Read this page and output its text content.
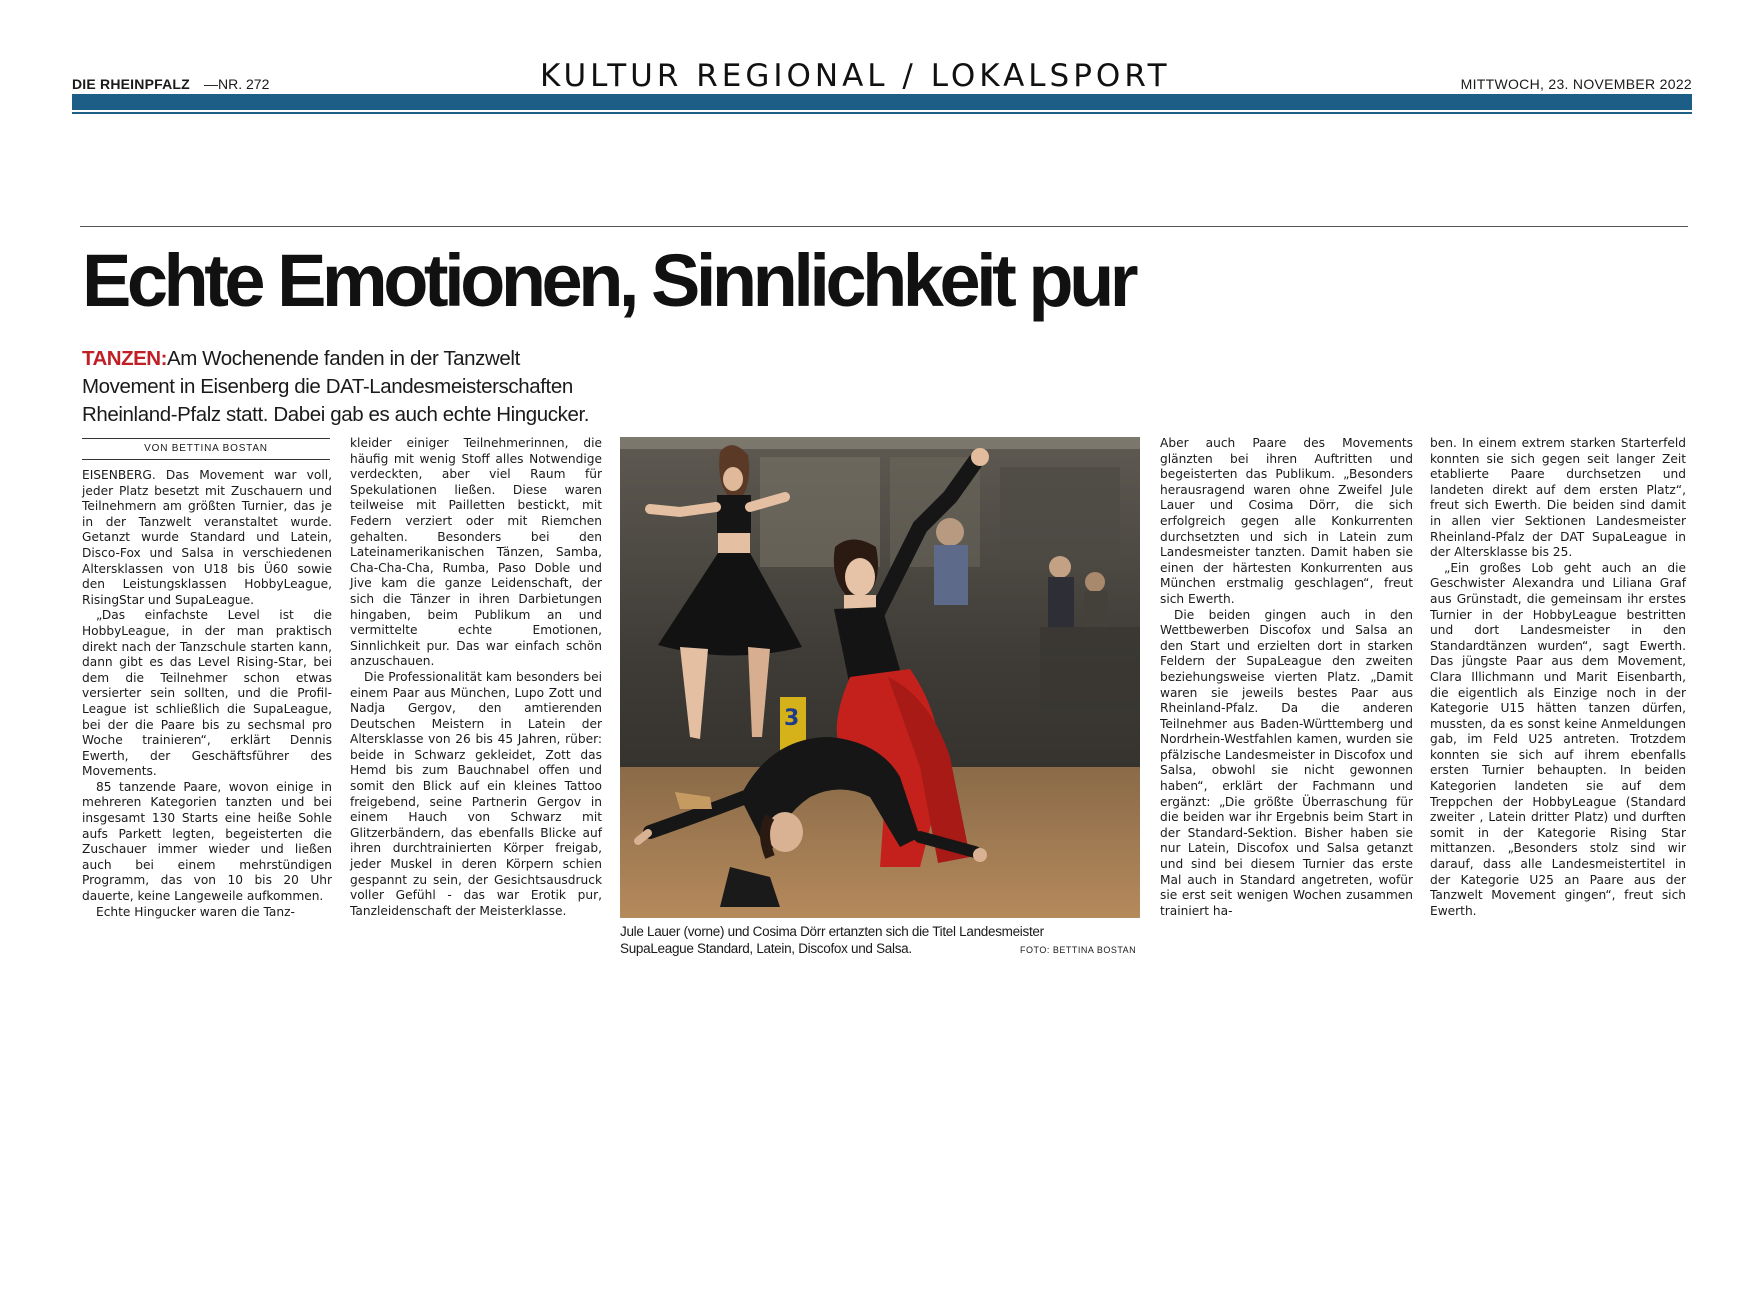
DIE RHEINPFALZ —NR. 272	KULTUR REGIONAL / LOKALSPORT	MITTWOCH, 23. NOVEMBER 2022
Echte Emotionen, Sinnlichkeit pur
TANZEN:Am Wochenende fanden in der Tanzwelt
Movement in Eisenberg die DAT-Landesmeisterschaften
Rheinland-Pfalz statt. Dabei gab es auch echte Hingucker.
VON BETTINA BOSTAN

EISENBERG. Das Movement war voll, jeder Platz besetzt mit Zuschauern und Teilnehmern am größten Turnier, das je in der Tanzwelt veranstaltet wurde. Getanzt wurde Standard und Latein, Disco-Fox und Salsa in verschiedenen Altersklassen von U18 bis Ü60 sowie den Leistungsklassen HobbyLeague, RisingStar und SupaLeague.

„Das einfachste Level ist die HobbyLeague, in der man praktisch direkt nach der Tanzschule starten kann, dann gibt es das Level Rising-Star, bei dem die Teilnehmer schon etwas versierter sein sollten, und die Profil-League ist schließlich die SupaLeague, bei der die Paare bis zu sechsmal pro Woche trainieren“, erklärt Dennis Ewerth, der Geschäftsführer des Movements.

85 tanzende Paare, wovon einige in mehreren Kategorien tanzten und bei insgesamt 130 Starts eine heiße Sohle aufs Parkett legten, begeisterten die Zuschauer immer wieder und ließen auch bei einem mehrstündigen Programm, das von 10 bis 20 Uhr dauerte, keine Langeweile aufkommen.

Echte Hingucker waren die Tanz-

kleider einiger Teilnehmerinnen, die häufig mit wenig Stoff alles Notwendige verdeckten, aber viel Raum für Spekulationen ließen. Diese waren teilweise mit Pailletten bestickt, mit Federn verziert oder mit Riemchen gehalten. Besonders bei den Lateinamerikanischen Tänzen, Samba, Cha-Cha-Cha, Rumba, Paso Doble und Jive kam die ganze Leidenschaft, der sich die Tänzer in ihren Darbietungen hingaben, beim Publikum an und vermittelte echte Emotionen, Sinnlichkeit pur. Das war einfach schön anzuschauen.

Die Professionalität kam besonders bei einem Paar aus München, Lupo Zott und Nadja Gergov, den amtierenden Deutschen Meistern in Latein der Altersklasse von 26 bis 45 Jahren, rüber: beide in Schwarz gekleidet, Zott das Hemd bis zum Bauchnabel offen und somit den Blick auf ein kleines Tattoo freigebend, seine Partnerin Gergov in einem Hauch von Schwarz mit Glitzerbändern, das ebenfalls Blicke auf ihren durchtrainierten Körper freigab, jeder Muskel in deren Körpern schien gespannt zu sein, der Gesichtsausdruck voller Gefühl - das war Erotik pur, Tanzleidenschaft der Meisterklasse.

3
Jule Lauer (vorne) und Cosima Dörr ertanzten sich die Titel Landesmeister SupaLeague Standard, Latein, Discofox und Salsa.	FOTO: BETTINA BOSTAN

Aber auch Paare des Movements glänzten bei ihren Auftritten und begeisterten das Publikum. „Besonders herausragend waren ohne Zweifel Jule Lauer und Cosima Dörr, die sich erfolgreich gegen alle Konkurrenten durchsetzten und sich in Latein zum Landesmeister tanzten. Damit haben sie einen der härtesten Konkurrenten aus München erstmalig geschlagen“, freut sich Ewerth.

Die beiden gingen auch in den Wettbewerben Discofox und Salsa an den Start und erzielten dort in starken Feldern der SupaLeague den zweiten beziehungsweise vierten Platz. „Damit waren sie jeweils bestes Paar aus Rheinland-Pfalz. Da die anderen Teilnehmer aus Baden-Württemberg und Nordrhein-Westfahlen kamen, wurden sie pfälzische Landesmeister in Discofox und Salsa, obwohl sie nicht gewonnen haben“, erklärt der Fachmann und ergänzt: „Die größte Überraschung für die beiden war ihr Ergebnis beim Start in der Standard-Sektion. Bisher haben sie nur Latein, Discofox und Salsa getanzt und sind bei diesem Turnier das erste Mal auch in Standard angetreten, wofür sie erst seit wenigen Wochen zusammen trainiert ha-

ben. In einem extrem starken Starterfeld konnten sie sich gegen seit langer Zeit etablierte Paare durchsetzen und landeten direkt auf dem ersten Platz“, freut sich Ewerth. Die beiden sind damit in allen vier Sektionen Landesmeister Rheinland-Pfalz der DAT SupaLeague in der Altersklasse bis 25.

„Ein großes Lob geht auch an die Geschwister Alexandra und Liliana Graf aus Grünstadt, die gemeinsam ihr erstes Turnier in der HobbyLeague bestritten und dort Landesmeister in den Standardtänzen wurden“, sagt Ewerth. Das jüngste Paar aus dem Movement, Clara Illichmann und Marit Eisenbarth, die eigentlich als Einzige noch in der Kategorie U15 hätten tanzen dürfen, mussten, da es sonst keine Anmeldungen gab, im Feld U25 antreten. Trotzdem konnten sie sich auf ihrem ebenfalls ersten Turnier behaupten. In beiden Kategorien landeten sie auf dem Treppchen der HobbyLeague (Standard zweiter , Latein dritter Platz) und durften somit in der Kategorie Rising Star mittanzen. „Besonders stolz sind wir darauf, dass alle Landesmeistertitel in der Kategorie U25 an Paare aus der Tanzwelt Movement gingen“, freut sich Ewerth.
